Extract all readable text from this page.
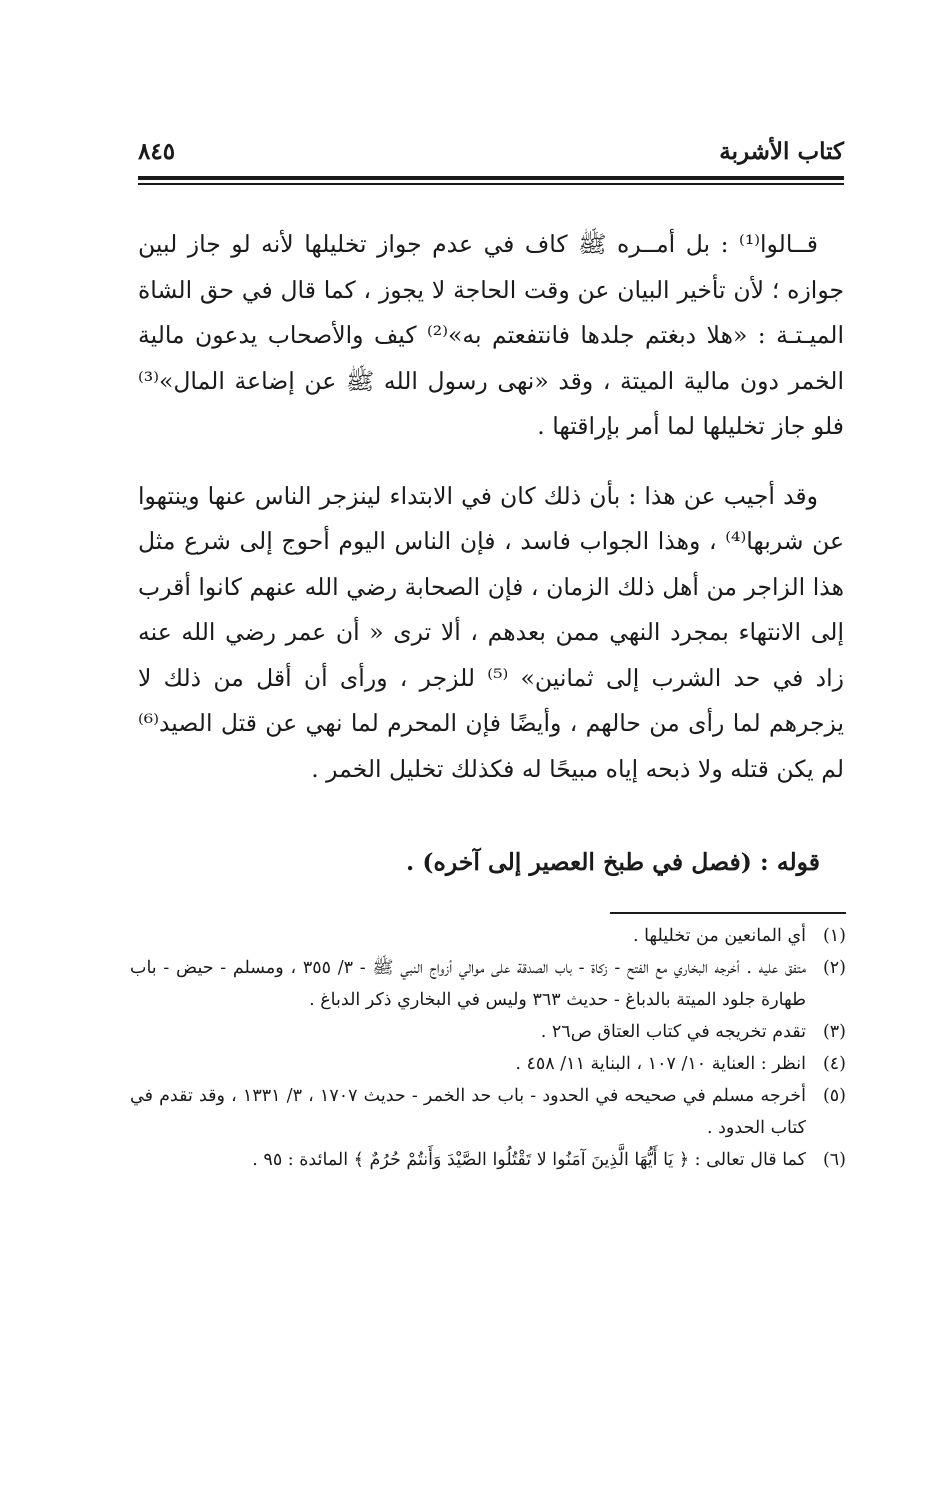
كتاب الأشربة
٨٤٥

قــالوا⁽¹⁾ : بل أمــره ﷺ كاف في عدم جواز تخليلها لأنه لو جاز لبين جوازه ؛ لأن تأخير البيان عن وقت الحاجة لا يجوز ، كما قال في حق الشاة الميـتـة : «هلا دبغتم جلدها فانتفعتم به»⁽²⁾ كيف والأصحاب يدعون مالية الخمر دون مالية الميتة ، وقد «نهى رسول الله ﷺ عن إضاعة المال»⁽³⁾ فلو جاز تخليلها لما أمر بإراقتها .

وقد أجيب عن هذا : بأن ذلك كان في الابتداء لينزجر الناس عنها وينتهوا عن شربها⁽⁴⁾ ، وهذا الجواب فاسد ، فإن الناس اليوم أحوج إلى شرع مثل هذا الزاجر من أهل ذلك الزمان ، فإن الصحابة رضي الله عنهم كانوا أقرب إلى الانتهاء بمجرد النهي ممن بعدهم ، ألا ترى « أن عمر رضي الله عنه زاد في حد الشرب إلى ثمانين» ⁽⁵⁾ للزجر ، ورأى أن أقل من ذلك لا يزجرهم لما رأى من حالهم ، وأيضًا فإن المحرم لما نهي عن قتل الصيد⁽⁶⁾ لم يكن قتله ولا ذبحه إياه مبيحًا له فكذلك تخليل الخمر .

قوله : (فصل في طبخ العصير إلى آخره) .
(١)
أي المانعين من تخليلها .
(٢)
متفق عليه . أخرجه البخاري مع الفتح - زكاة - باب الصدقة على موالي أزواج النبي ﷺ - ٣/ ٣٥٥ ، ومسلم - حيض - باب طهارة جلود الميتة بالدباغ - حديث ٣٦٣ وليس في البخاري ذكر الدباغ .
(٣)
تقدم تخريجه في كتاب العتاق ص٢٦ .
(٤)
انظر : العناية ١٠/ ١٠٧ ، البناية ١١/ ٤٥٨ .
(٥)
أخرجه مسلم في صحيحه في الحدود - باب حد الخمر - حديث ١٧٠٧ ، ٣/ ١٣٣١ ، وقد تقدم في كتاب الحدود .
(٦)
كما قال تعالى : ﴿ يَا أَيُّهَا الَّذِينَ آمَنُوا لا تَقْتُلُوا الصَّيْدَ وَأَنتُمْ حُرُمٌ ﴾ المائدة : ٩٥ .
